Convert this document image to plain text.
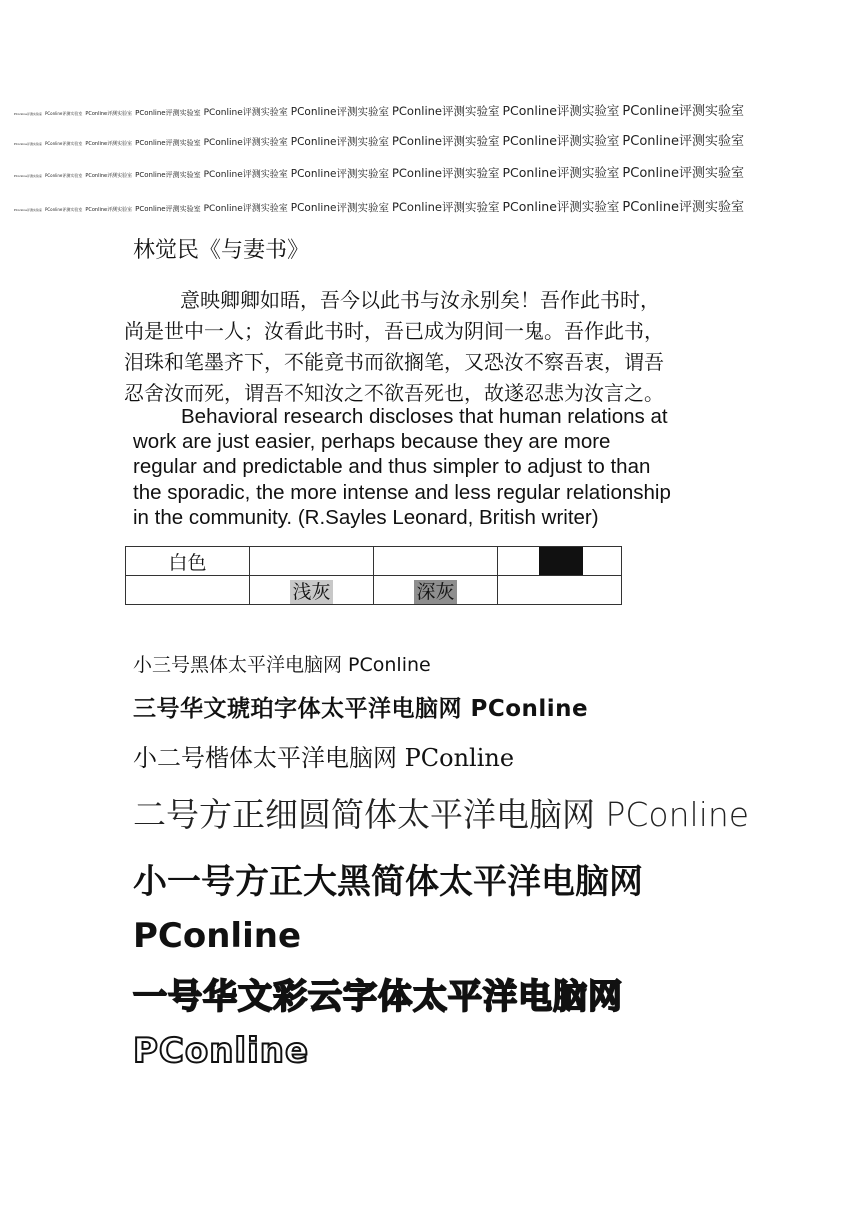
PConline评测实验室 PConline评测实验室 PConline评测实验室 PConline评测实验室 PConline评测实验室 PConline评测实验室 PConline评测实验室 PConline评测实验室 PConline评测实验室
PConline评测实验室 PConline评测实验室 PConline评测实验室 PConline评测实验室 PConline评测实验室 PConline评测实验室 PConline评测实验室 PConline评测实验室 PConline评测实验室
PConline评测实验室 PConline评测实验室 PConline评测实验室 PConline评测实验室 PConline评测实验室 PConline评测实验室 PConline评测实验室 PConline评测实验室 PConline评测实验室
PConline评测实验室 PConline评测实验室 PConline评测实验室 PConline评测实验室 PConline评测实验室 PConline评测实验室 PConline评测实验室 PConline评测实验室 PConline评测实验室
林觉民《与妻书》
意映卿卿如晤，吾今以此书与汝永别矣！吾作此书时，
尚是世中一人；汝看此书时，吾已成为阴间一鬼。吾作此书，
泪珠和笔墨齐下，不能竟书而欲搁笔，又恐汝不察吾衷，谓吾
忍舍汝而死，谓吾不知汝之不欲吾死也，故遂忍悲为汝言之。
Behavioral research discloses that human relations at
work are just easier, perhaps because they are more
regular and predictable and thus simpler to adjust to than
the sporadic, the more intense and less regular relationship
in the community. (R.Sayles Leonard, British writer)
白色			
	浅灰	深灰	
小三号黑体太平洋电脑网 PConline
三号华文琥珀字体太平洋电脑网 PConline
小二号楷体太平洋电脑网 PConline
二号方正细圆简体太平洋电脑网 PConline
小一号方正大黑简体太平洋电脑网 PConline
一号华文彩云字体太平洋电脑网 PConline
